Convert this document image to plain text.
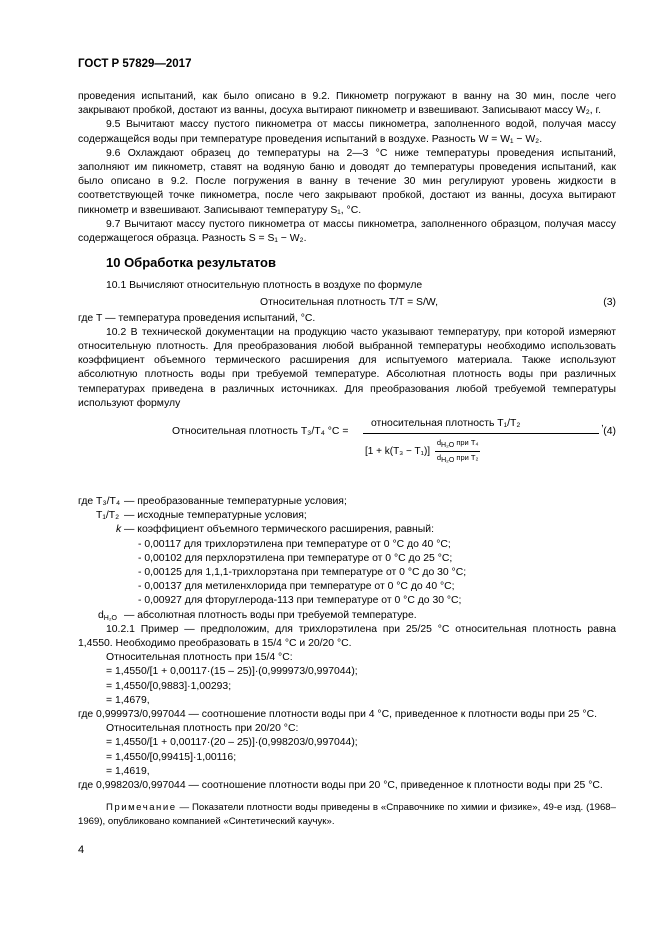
ГОСТ Р 57829—2017

проведения испытаний, как было описано в 9.2. Пикнометр погружают в ванну на 30 мин, после чего закрывают пробкой, достают из ванны, досуха вытирают пикнометр и взвешивают. Записывают массу W₂, г.

9.5 Вычитают массу пустого пикнометра от массы пикнометра, заполненного водой, получая массу содержащейся воды при температуре проведения испытаний в воздухе. Разность W = W₁ − W₂.

9.6 Охлаждают образец до температуры на 2—3 °С ниже температуры проведения испытаний, заполняют им пикнометр, ставят на водяную баню и доводят до температуры проведения испытаний, как было описано в 9.2. После погружения в ванну в течение 30 мин регулируют уровень жидкости в соответствующей точке пикнометра, после чего закрывают пробкой, достают из ванны, досуха вытирают пикнометр и взвешивают. Записывают температуру S₁, °С.

9.7 Вычитают массу пустого пикнометра от массы пикнометра, заполненного образцом, получая массу содержащегося образца. Разность S = S₁ − W₂.

10 Обработка результатов

10.1 Вычисляют относительную плотность в воздухе по формуле

Относительная плотность T/T = S/W,	(3)

где T — температура проведения испытаний, °С.

10.2 В технической документации на продукцию часто указывают температуру, при которой измеряют относительную плотность. Для преобразования любой выбранной температуры необходимо использовать коэффициент объемного термического расширения для испытуемого материала. Также используют абсолютную плотность воды при требуемой температуре. Абсолютная плотность воды при различных температурах приведена в различных источниках. Для преобразования любой требуемой температуры используют формулу

Относительная плотность T₃/T₄ °С =
относительная плотность T₁/T₂	,
[1 + k(T₃ − T₁)]
dH₂O при T₄
dH₂O при T₂
(4)
где T₃/T₄ — преобразованные температурные условия;
T₁/T₂ — исходные температурные условия;
k — коэффициент объемного термического расширения, равный:
- 0,00117 для трихлорэтилена при температуре от 0 °С до 40 °С;
- 0,00102 для перхлорэтилена при температуре от 0 °С до 25 °С;
- 0,00125 для 1,1,1-трихлорэтана при температуре от 0 °С до 30 °С;
- 0,00137 для метиленхлорида при температуре от 0 °С до 40 °С;
- 0,00927 для фторуглерода-113 при температуре от 0 °С до 30 °С;
$d_{H_2O}$ — абсолютная плотность воды при требуемой температуре.

10.2.1 Пример — предположим, для трихлорэтилена при 25/25 °С относительная плотность равна 1,4550. Необходимо преобразовать в 15/4 °С и 20/20 °С.

Относительная плотность при 15/4 °С:
= 1,4550/[1 + 0,00117·(15 – 25)]·(0,999973/0,997044);
= 1,4550/[0,9883]·1,00293;
= 1,4679,

где 0,999973/0,997044 — соотношение плотности воды при 4 °С, приведенное к плотности воды при 25 °С.

Относительная плотность при 20/20 °С:
= 1,4550/[1 + 0,00117·(20 – 25)]·(0,998203/0,997044);
= 1,4550/[0,99415]·1,00116;
= 1,4619,

где 0,998203/0,997044 — соотношение плотности воды при 20 °С, приведенное к плотности воды при 25 °С.

Примечание — Показатели плотности воды приведены в «Справочнике по химии и физике», 49-е изд. (1968–1969), опубликовано компанией «Синтетический каучук».

4
